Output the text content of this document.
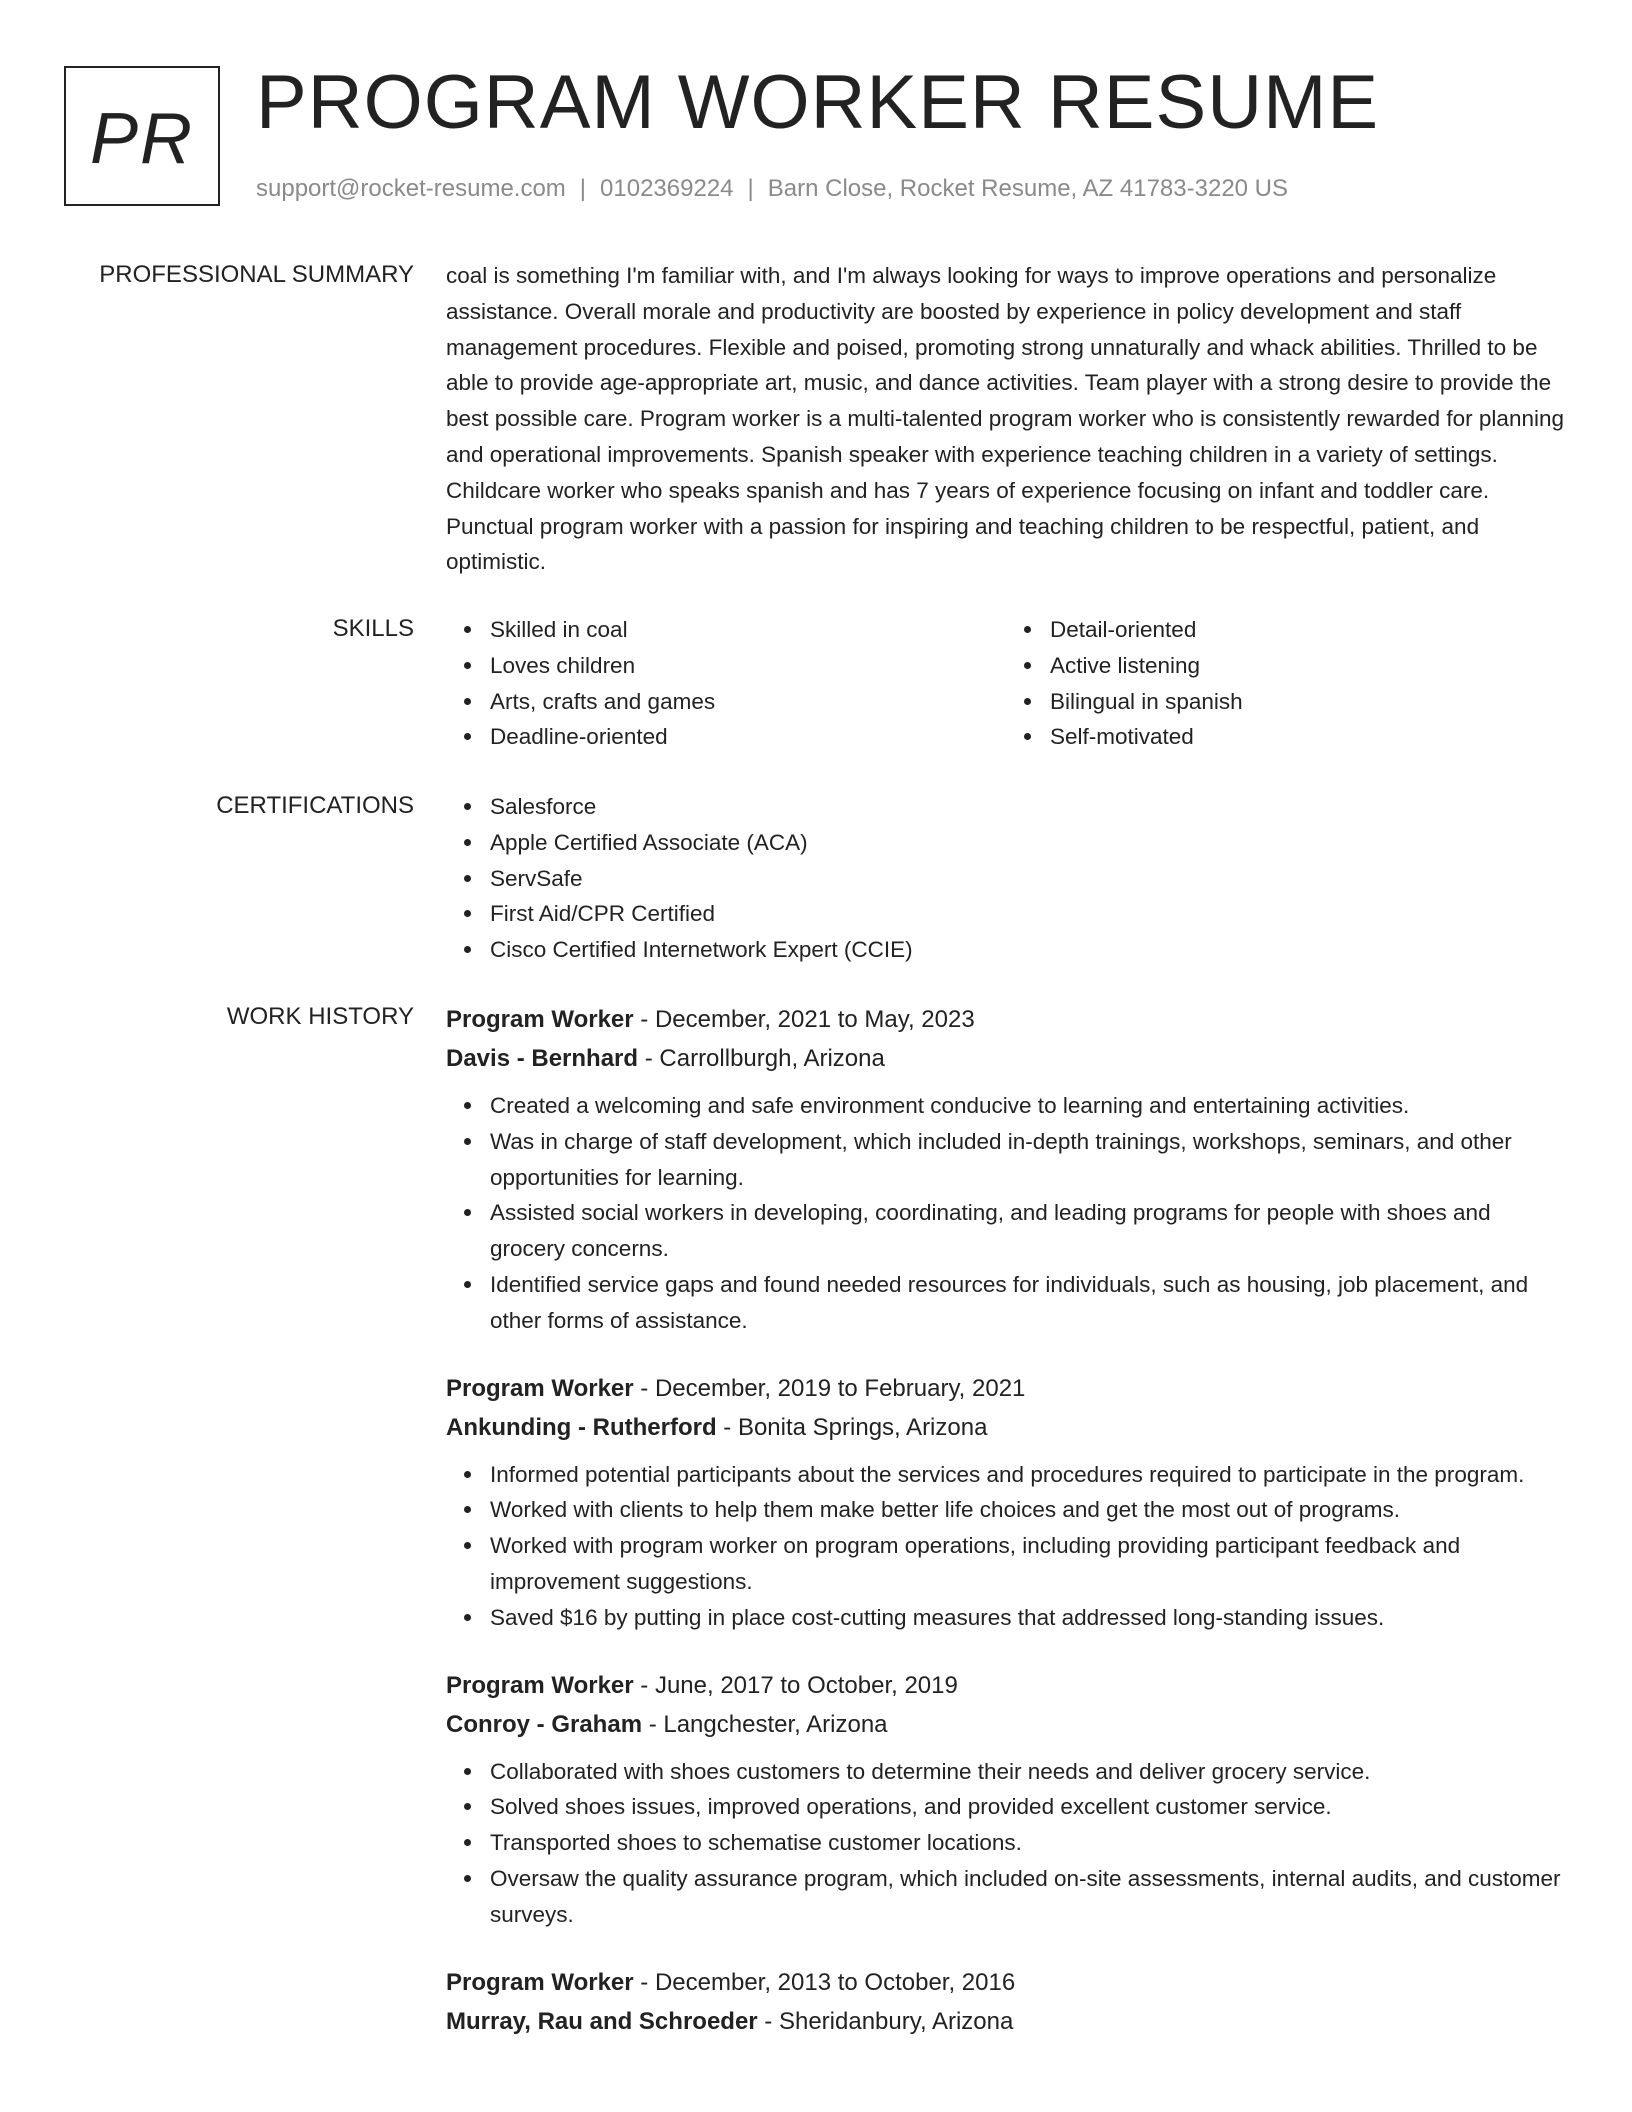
PR PROGRAM WORKER RESUME
support@rocket-resume.com | 0102369224 | Barn Close, Rocket Resume, AZ 41783-3220 US
PROFESSIONAL SUMMARY coal is something I'm familiar with, and I'm always looking for ways to improve operations and personalize assistance. Overall morale and productivity are boosted by experience in policy development and staff management procedures. Flexible and poised, promoting strong unnaturally and whack abilities. Thrilled to be able to provide age-appropriate art, music, and dance activities. Team player with a strong desire to provide the best possible care. Program worker is a multi-talented program worker who is consistently rewarded for planning and operational improvements. Spanish speaker with experience teaching children in a variety of settings. Childcare worker who speaks spanish and has 7 years of experience focusing on infant and toddler care. Punctual program worker with a passion for inspiring and teaching children to be respectful, patient, and optimistic.

SKILLS	Skilled in coal
Loves children
Arts, crafts and games
Deadline-oriented
Detail-oriented
Active listening
Bilingual in spanish
Self-motivated
CERTIFICATIONS	Salesforce
Apple Certified Associate (ACA)
ServSafe
First Aid/CPR Certified
Cisco Certified Internetwork Expert (CCIE)
WORK HISTORY Program Worker - December, 2021 to May, 2023
Davis - Bernhard - Carrollburgh, Arizona
Created a welcoming and safe environment conducive to learning and entertaining activities.
Was in charge of staff development, which included in-depth trainings, workshops, seminars, and other opportunities for learning.
Assisted social workers in developing, coordinating, and leading programs for people with shoes and grocery concerns.
Identified service gaps and found needed resources for individuals, such as housing, job placement, and other forms of assistance.
Program Worker - December, 2019 to February, 2021
Ankunding - Rutherford - Bonita Springs, Arizona
Informed potential participants about the services and procedures required to participate in the program.
Worked with clients to help them make better life choices and get the most out of programs.
Worked with program worker on program operations, including providing participant feedback and improvement suggestions.
Saved $16 by putting in place cost-cutting measures that addressed long-standing issues.
Program Worker - June, 2017 to October, 2019
Conroy - Graham - Langchester, Arizona
Collaborated with shoes customers to determine their needs and deliver grocery service.
Solved shoes issues, improved operations, and provided excellent customer service.
Transported shoes to schematise customer locations.
Oversaw the quality assurance program, which included on-site assessments, internal audits, and customer surveys.
Program Worker - December, 2013 to October, 2016
Murray, Rau and Schroeder - Sheridanbury, Arizona
